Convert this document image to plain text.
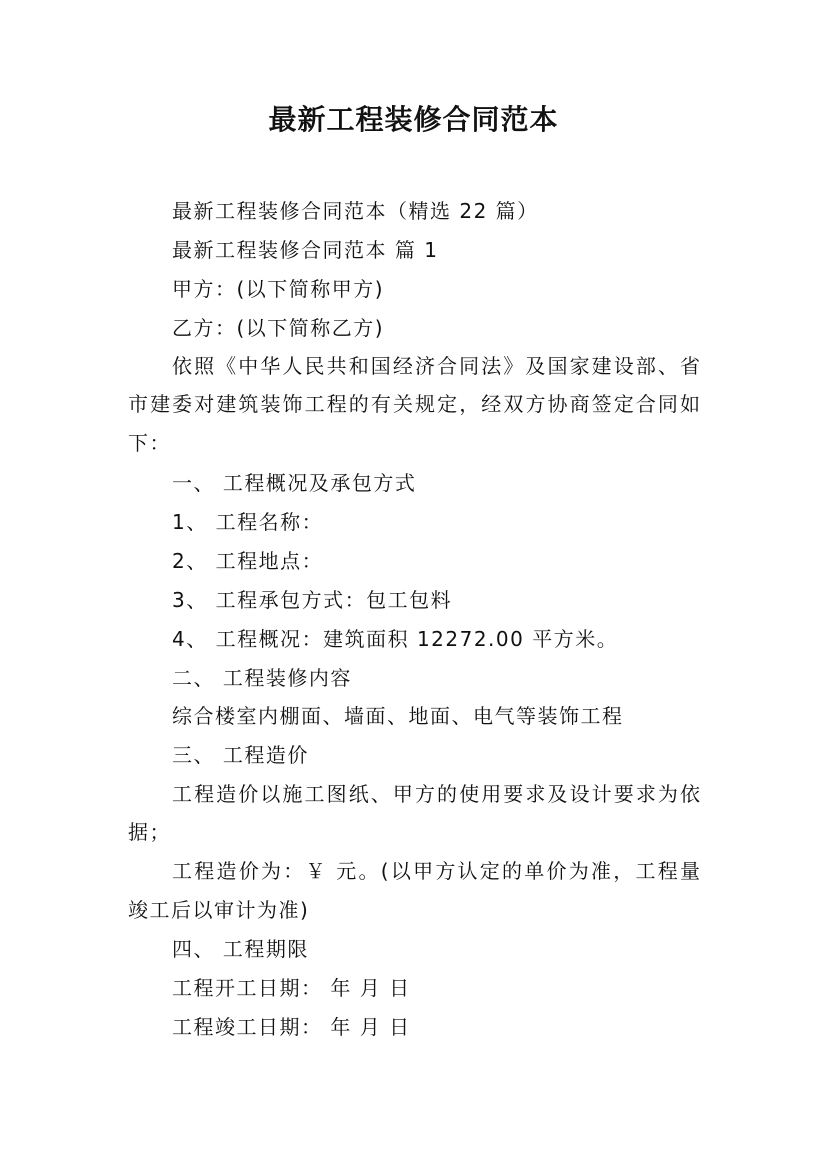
最新工程装修合同范本
最新工程装修合同范本（精选 22 篇）
最新工程装修合同范本 篇 1
甲方：(以下简称甲方)
乙方：(以下简称乙方)
依照《中华人民共和国经济合同法》及国家建设部、省
市建委对建筑装饰工程的有关规定，经双方协商签定合同如
下：
一、 工程概况及承包方式
1、 工程名称：
2、 工程地点：
3、 工程承包方式：包工包料
4、 工程概况：建筑面积 12272.00 平方米。
二、 工程装修内容
综合楼室内棚面、墙面、地面、电气等装饰工程
三、 工程造价
工程造价以施工图纸、甲方的使用要求及设计要求为依
据；
工程造价为：￥ 元。(以甲方认定的单价为准，工程量
竣工后以审计为准)
四、 工程期限
工程开工日期： 年 月 日
工程竣工日期： 年 月 日
